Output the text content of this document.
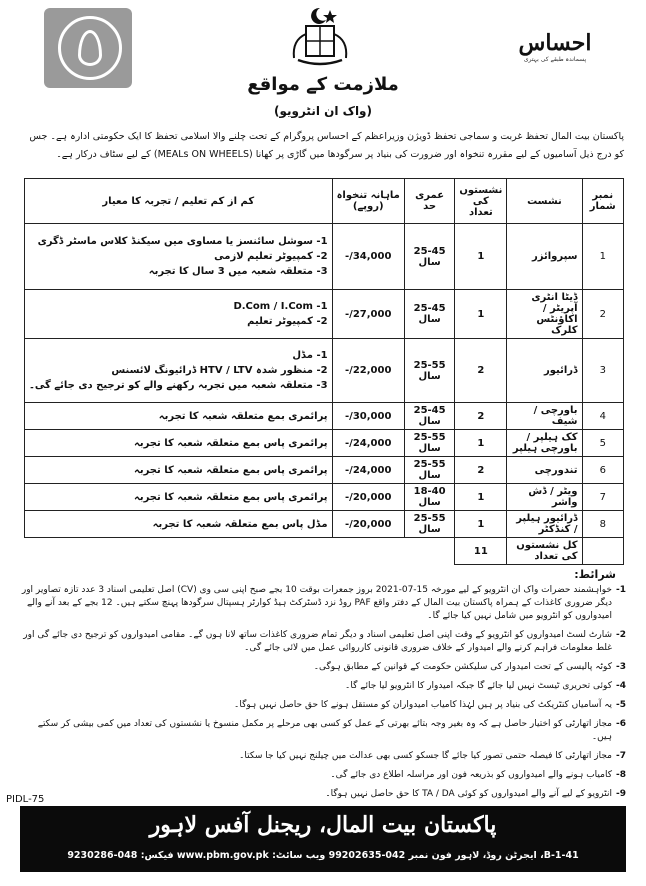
احساس
پسماندہ طبقے کی بہتری
ملازمت کے مواقع
(واک ان انٹرویو)
پاکستان بیت المال تحفظ غربت و سماجی تحفظ ڈویژن وزیراعظم کے احساس پروگرام کے تحت چلنے والا اسلامی تحفظ کا ایک حکومتی ادارہ ہے۔ جس کو درج ذیل آسامیوں کے لیے مقررہ تنخواہ اور ضرورت کی بنیاد پر سرگودھا میں گاڑی پر کھانا (MEALs ON WHEELS) کے لیے سٹاف درکار ہے۔
نمبر شمار	نشست	نشستوں کی تعداد	عمری حد	ماہانہ تنخواہ (روپے)	کم از کم تعلیم / تجربہ کا معیار
1	سپروائزر	1	25-45 سال	34,000/-	1- سوشل سائنسز یا مساوی میں سیکنڈ کلاس ماسٹر ڈگری
2- کمپیوٹر تعلیم لازمی
3- متعلقہ شعبہ میں 3 سال کا تجربہ

2	ڈیٹا انٹری آپریٹر / اکاؤنٹس کلرک	1	25-45 سال	27,000/-	1- D.Com / I.Com
2- کمپیوٹر تعلیم

3	ڈرائیور	2	25-55 سال	22,000/-	1- مڈل
2- منظور شدہ HTV / LTV ڈرائیونگ لائسنس
3- متعلقہ شعبہ میں تجربہ رکھنے والے کو ترجیح دی جائے گی۔

4	باورچی / شیف	2	25-45 سال	30,000/-	پرائمری بمع متعلقہ شعبہ کا تجربہ

5	کک ہیلپر / باورچی ہیلپر	1	25-55 سال	24,000/-	پرائمری پاس بمع متعلقہ شعبہ کا تجربہ

6	تندورچی	2	25-55 سال	24,000/-	پرائمری پاس بمع متعلقہ شعبہ کا تجربہ

7	ویٹر / ڈش واشر	1	18-40 سال	20,000/-	پرائمری پاس بمع متعلقہ شعبہ کا تجربہ

8	ڈرائیور ہیلپر / کنڈکٹر	1	25-55 سال	20,000/-	مڈل پاس بمع متعلقہ شعبہ کا تجربہ

	کل نشستوں کی تعداد	11			
شرائط:
1-
خواہشمند حضرات واک ان انٹرویو کے لیے مورخہ 15-07-2021 بروز جمعرات بوقت 10 بجے صبح اپنی سی وی (CV) اصل تعلیمی اسناد 3 عدد تازہ تصاویر اور دیگر ضروری کاغذات کے ہمراہ پاکستان بیت المال کے دفتر واقع PAF روڈ نزد ڈسٹرکٹ ہیڈ کوارٹر ہسپتال سرگودھا پہنچ سکتے ہیں۔ 12 بجے کے بعد آنے والے امیدواروں کو انٹرویو میں شامل نہیں کیا جائے گا۔
2-
شارٹ لسٹ امیدواروں کو انٹرویو کے وقت اپنی اصل تعلیمی اسناد و دیگر تمام ضروری کاغذات ساتھ لانا ہوں گے۔ مقامی امیدواروں کو ترجیح دی جائے گی اور غلط معلومات فراہم کرنے والے امیدوار کے خلاف ضروری قانونی کارروائی عمل میں لائی جائے گی۔
3-
کوٹہ پالیسی کے تحت امیدوار کی سلیکشن حکومت کے قوانین کے مطابق ہوگی۔
4-
کوئی تحریری ٹیسٹ نہیں لیا جائے گا جبکہ امیدوار کا انٹرویو لیا جائے گا۔
5-
یہ آسامیاں کنٹریکٹ کی بنیاد پر ہیں لہٰذا کامیاب امیدواران کو مستقل ہونے کا حق حاصل نہیں ہوگا۔
6-
مجاز اتھارٹی کو اختیار حاصل ہے کہ وہ بغیر وجہ بتائے بھرتی کے عمل کو کسی بھی مرحلے پر مکمل منسوخ یا نشستوں کی تعداد میں کمی بیشی کر سکتے ہیں۔
7-
مجاز اتھارٹی کا فیصلہ حتمی تصور کیا جائے گا جسکو کسی بھی عدالت میں چیلنج نہیں کیا جا سکتا۔
8-
کامیاب ہونے والے امیدواروں کو بذریعہ فون اور مراسلہ اطلاع دی جائے گی۔
9-
انٹرویو کے لیے آنے والے امیدواروں کو کوئی TA / DA کا حق حاصل نہیں ہوگا۔
PIDL-75
پاکستان بیت المال، ریجنل آفس لاہور
41-B-1، ایجرٹن روڈ، لاہور فون نمبر 042-99202635 ویب سائٹ: www.pbm.gov.pk فیکس: 048-9230286
